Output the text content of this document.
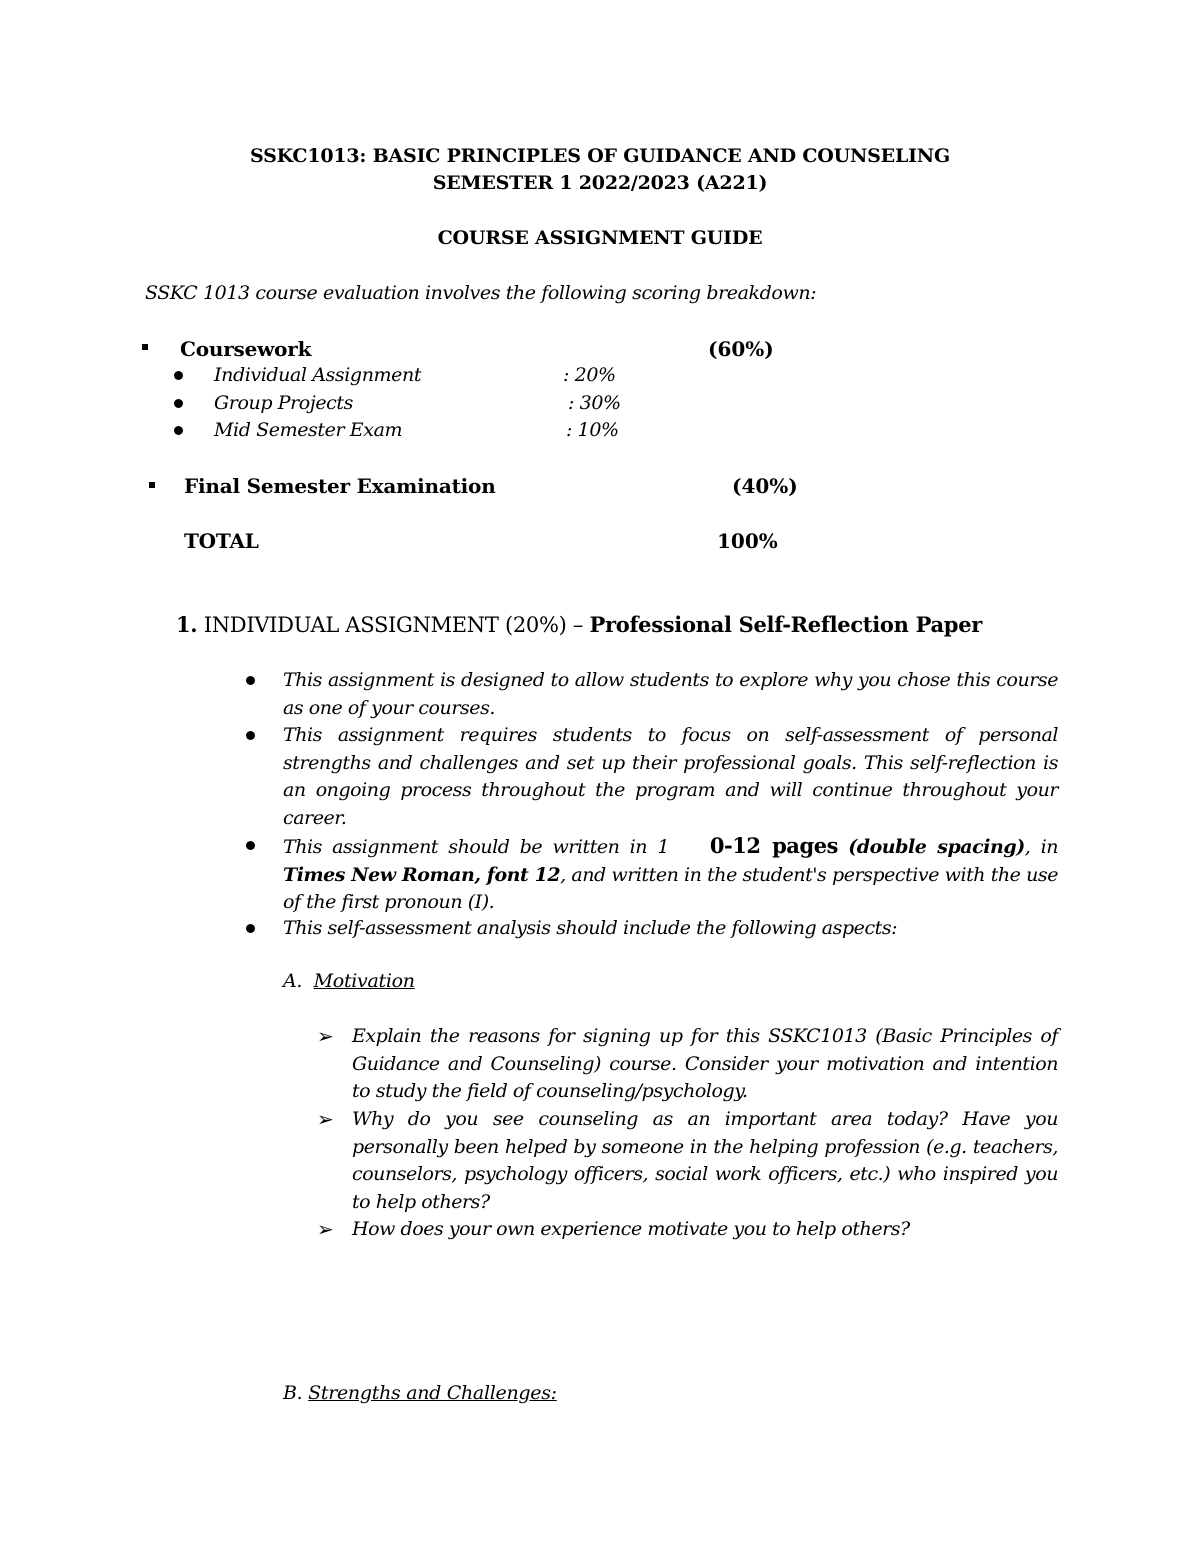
SSKC1013: BASIC PRINCIPLES OF GUIDANCE AND COUNSELING
SEMESTER 1 2022/2023 (A221)
COURSE ASSIGNMENT GUIDE
SSKC 1013 course evaluation involves the following scoring breakdown:
Coursework	(60%)
Individual Assignment	: 20%
Group Projects	: 30%
Mid Semester Exam	: 10%
Final Semester Examination	(40%)
TOTAL	100%
1. INDIVIDUAL ASSIGNMENT (20%) – Professional Self-Reflection Paper
This assignment is designed to allow students to explore why you chose this course as one of your courses.
This assignment requires students to focus on self-assessment of personal strengths and challenges and set up their professional goals. This self-reflection is an ongoing process throughout the program and will continue throughout your career.
This assignment should be written in 1    0-12 pages (double spacing), in Times New Roman, font 12, and written in the student's perspective with the use of the first pronoun (I).
This self-assessment analysis should include the following aspects:
A. Motivation
➢ Explain the reasons for signing up for this SSKC1013 (Basic Principles of Guidance and Counseling) course. Consider your motivation and intention to study the field of counseling/psychology.
➢ Why do you see counseling as an important area today? Have you personally been helped by someone in the helping profession (e.g. teachers, counselors, psychology officers, social work officers, etc.) who inspired you to help others?
➢ How does your own experience motivate you to help others?
B. Strengths and Challenges:
